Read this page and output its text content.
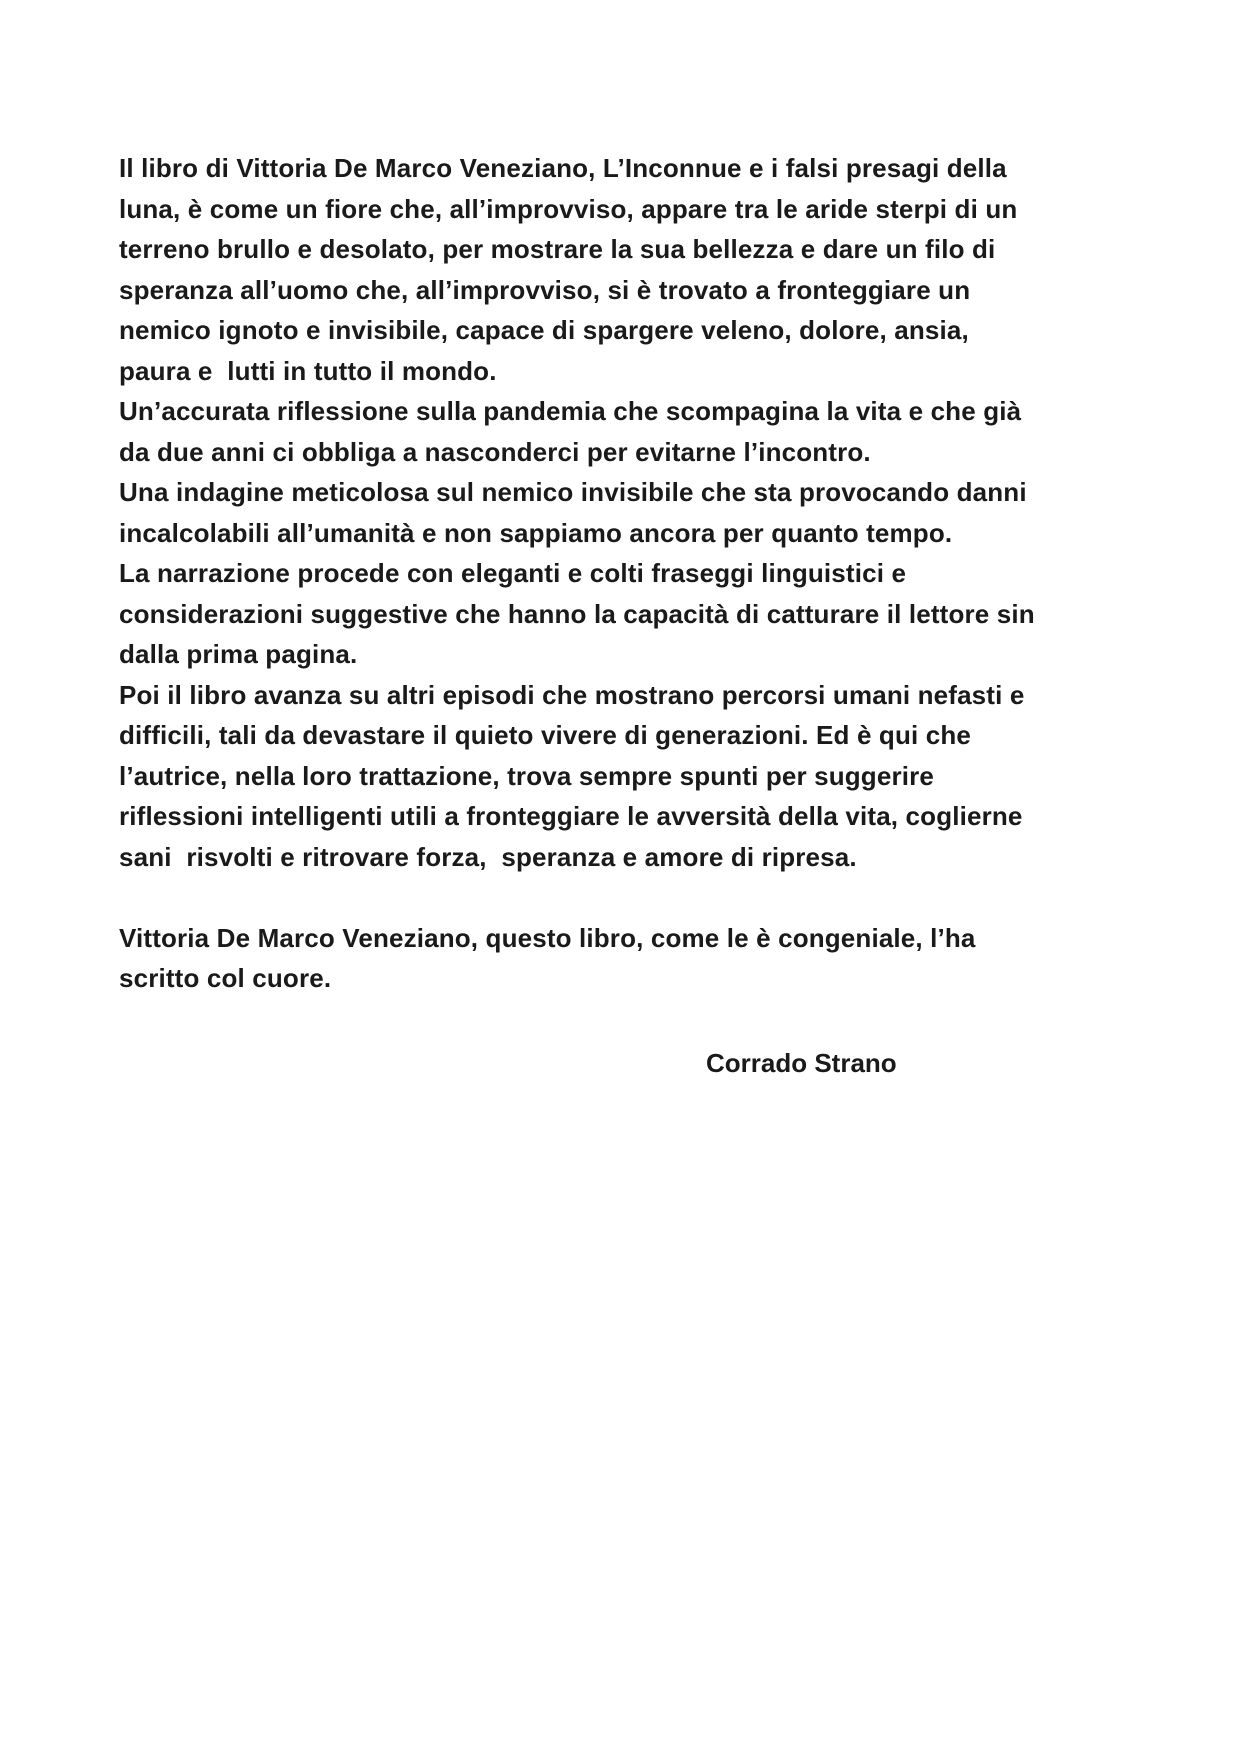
Il libro di Vittoria De Marco Veneziano, L’Inconnue e i falsi presagi della
luna, è come un fiore che, all’improvviso, appare tra le aride sterpi di un
terreno brullo e desolato, per mostrare la sua bellezza e dare un filo di
speranza all’uomo che, all’improvviso, si è trovato a fronteggiare un
nemico ignoto e invisibile, capace di spargere veleno, dolore, ansia,
paura e  lutti in tutto il mondo.
Un’accurata riflessione sulla pandemia che scompagina la vita e che già
da due anni ci obbliga a nasconderci per evitarne l’incontro.
Una indagine meticolosa sul nemico invisibile che sta provocando danni
incalcolabili all’umanità e non sappiamo ancora per quanto tempo.
La narrazione procede con eleganti e colti fraseggi linguistici e
considerazioni suggestive che hanno la capacità di catturare il lettore sin
dalla prima pagina.
Poi il libro avanza su altri episodi che mostrano percorsi umani nefasti e
difficili, tali da devastare il quieto vivere di generazioni. Ed è qui che
l’autrice, nella loro trattazione, trova sempre spunti per suggerire
riflessioni intelligenti utili a fronteggiare le avversità della vita, coglierne
sani  risvolti e ritrovare forza,  speranza e amore di ripresa.
Vittoria De Marco Veneziano, questo libro, come le è congeniale, l’ha
scritto col cuore.
Corrado Strano
